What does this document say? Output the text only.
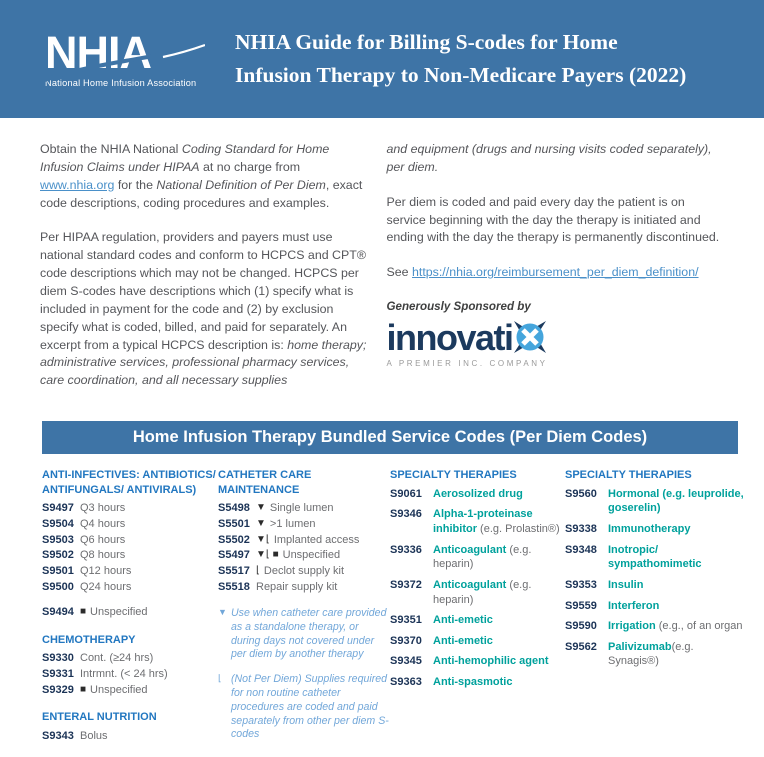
NHIA
National Home Infusion Association
NHIA Guide for Billing S-codes for Home
Infusion Therapy to Non-Medicare Payers (2022)

Obtain the NHIA National Coding Standard for Home Infusion Claims under HIPAA at no charge from www.nhia.org for the National Definition of Per Diem, exact code descriptions, coding procedures and examples.

Per HIPAA regulation, providers and payers must use national standard codes and conform to HCPCS and CPT® code descriptions which may not be changed. HCPCS per diem S-codes have descriptions which (1) specify what is included in payment for the code and (2) by exclusion specify what is coded, billed, and paid for separately. An excerpt from a typical HCPCS description is: home therapy; administrative services, professional pharmacy services, care coordination, and all necessary supplies

and equipment (drugs and nursing visits coded separately), per diem.

Per diem is coded and paid every day the patient is on service beginning with the day the therapy is initiated and ending with the day the therapy is permanently discontinued.

See https://nhia.org/reimbursement_per_diem_definition/

Generously Sponsored by
innovati
A PREMIER INC. COMPANY
Home Infusion Therapy Bundled Service Codes (Per Diem Codes)
ANTI-INFECTIVES: ANTIBIOTICS/ ANTIFUNGALS/ ANTIVIRALS)
S9497 Q3 hours
S9504 Q4 hours
S9503 Q6 hours
S9502 Q8 hours
S9501 Q12 hours
S9500 Q24 hours
S9494 ■ Unspecified
CHEMOTHERAPY
S9330 Cont. (≥24 hrs)
S9331 Intrmnt. (< 24 hrs)
S9329 ■ Unspecified
ENTERAL NUTRITION
S9343 Bolus
CATHETER CARE MAINTENANCE
S5498 ▼ Single lumen
S5501 ▼ >1 lumen
S5502 ▼⌊ Implanted access
S5497 ▼⌊ ■ Unspecified
S5517 ⌊ Declot supply kit
S5518 Repair supply kit
▼ Use when catheter care provided as a standalone therapy, or during days not covered under per diem by another therapy
⌊ (Not Per Diem) Supplies required for non routine catheter procedures are coded and paid separately from other per diem S-codes
SPECIALTY THERAPIES
S9061	Aerosolized drug
S9346	Alpha-1-proteinase
inhibitor (e.g. Prolastin®)
S9336	Anticoagulant (e.g. heparin)
S9372	Anticoagulant (e.g. heparin)
S9351	Anti-emetic
S9370	Anti-emetic
S9345	Anti-hemophilic agent
S9363	Anti-spasmotic
SPECIALTY THERAPIES
S9560	Hormonal (e.g. leuprolide,
goserelin)
S9338	Immunotherapy
S9348	Inotropic/ sympathomimetic
S9353	Insulin
S9559	Interferon
S9590	Irrigation (e.g., of an organ
S9562	Palivizumab(e.g. Synagis®)
